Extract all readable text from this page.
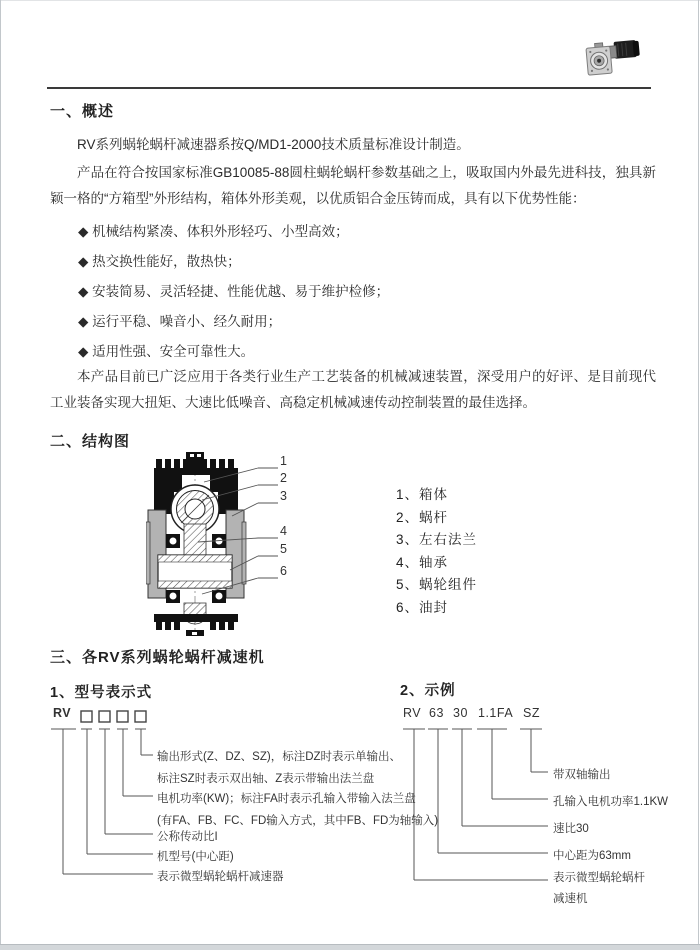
一、概述
RV系列蜗轮蜗杆减速器系按Q/MD1-2000技术质量标准设计制造。
产品在符合按国家标准GB10085-88圆柱蜗轮蜗杆参数基础之上，吸取国内外最先进科技，独具新颖一格的“方箱型”外形结构，箱体外形美观，以优质铝合金压铸而成，具有以下优势性能：
◆ 机械结构紧凑、体积外形轻巧、小型高效；
◆ 热交换性能好，散热快；
◆ 安装简易、灵活轻捷、性能优越、易于维护检修；
◆ 运行平稳、噪音小、经久耐用；
◆ 适用性强、安全可靠性大。
本产品目前已广泛应用于各类行业生产工艺装备的机械减速装置，深受用户的好评、是目前现代工业装备实现大扭矩、大速比低噪音、高稳定机械减速传动控制装置的最佳选择。
二、结构图
1
2
3
4
5
6
1、箱体
2、蜗杆
3、左右法兰
4、轴承
5、蜗轮组件
6、油封
三、各RV系列蜗轮蜗杆减速机
1、型号表示式	2、示例
RV
输出形式(Z、DZ、SZ)，标注DZ时表示单输出、
标注SZ时表示双出轴、Z表示带输出法兰盘
电机功率(KW)；标注FA时表示孔输入带输入法兰盘
(有FA、FB、FC、FD输入方式，其中FB、FD为轴输入)
公称传动比I
机型号(中心距)
表示微型蜗轮蜗杆减速器
RV 63 30 1.1FA SZ
带双轴输出
孔输入电机功率1.1KW
速比30
中心距为63mm
表示微型蜗轮蜗杆
减速机
